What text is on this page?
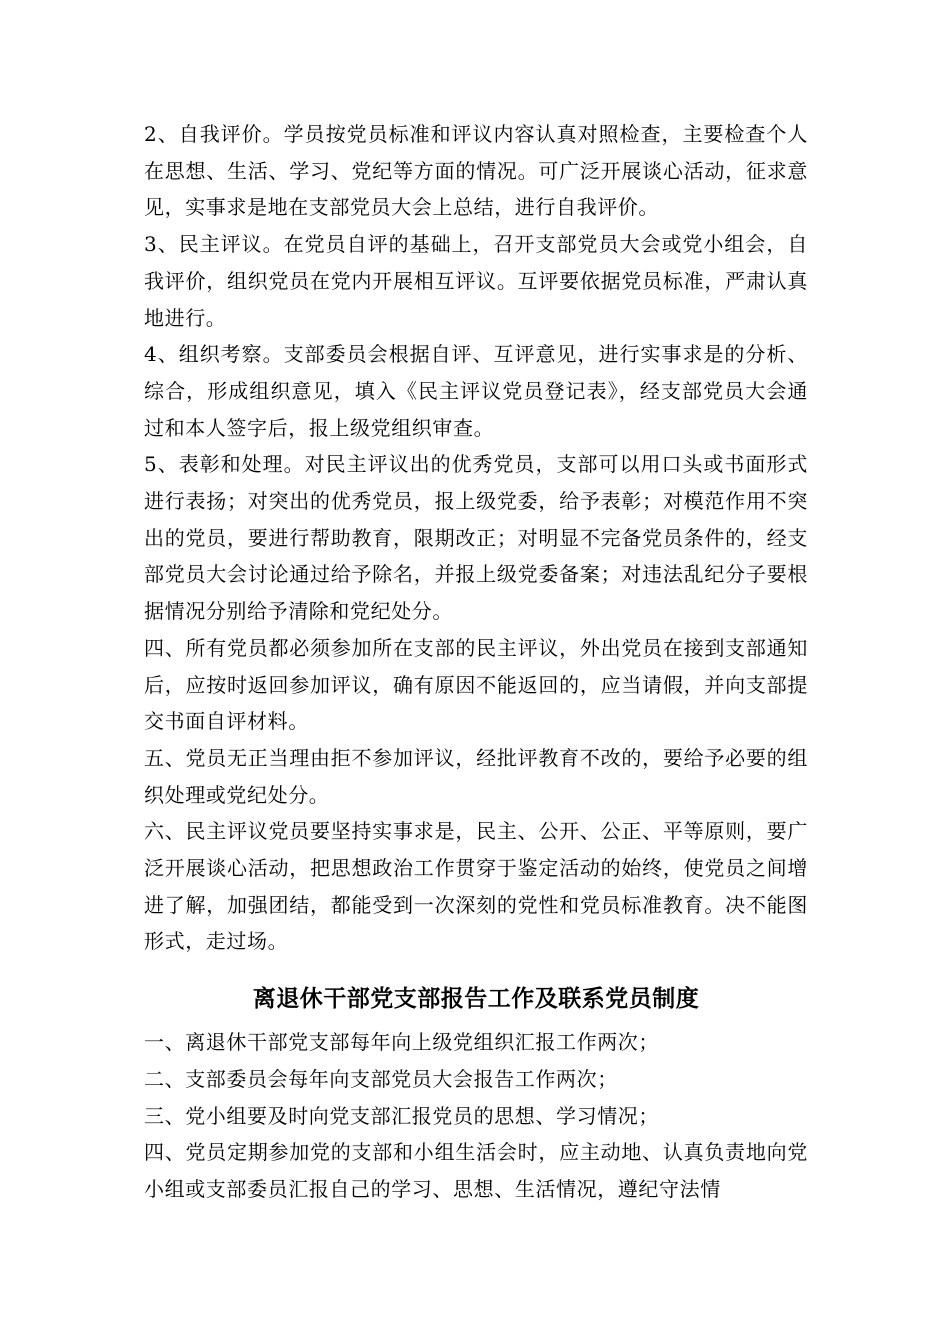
2、自我评价。学员按党员标准和评议内容认真对照检查，主要检查个人在思想、生活、学习、党纪等方面的情况。可广泛开展谈心活动，征求意见，实事求是地在支部党员大会上总结，进行自我评价。

3、民主评议。在党员自评的基础上，召开支部党员大会或党小组会，自我评价，组织党员在党内开展相互评议。互评要依据党员标准，严肃认真地进行。

4、组织考察。支部委员会根据自评、互评意见，进行实事求是的分析、综合，形成组织意见，填入《民主评议党员登记表》，经支部党员大会通过和本人签字后，报上级党组织审查。

5、表彰和处理。对民主评议出的优秀党员，支部可以用口头或书面形式进行表扬；对突出的优秀党员，报上级党委，给予表彰；对模范作用不突出的党员，要进行帮助教育，限期改正；对明显不完备党员条件的，经支部党员大会讨论通过给予除名，并报上级党委备案；对违法乱纪分子要根据情况分别给予清除和党纪处分。

四、所有党员都必须参加所在支部的民主评议，外出党员在接到支部通知后，应按时返回参加评议，确有原因不能返回的，应当请假，并向支部提交书面自评材料。

五、党员无正当理由拒不参加评议，经批评教育不改的，要给予必要的组织处理或党纪处分。

六、民主评议党员要坚持实事求是，民主、公开、公正、平等原则，要广泛开展谈心活动，把思想政治工作贯穿于鉴定活动的始终，使党员之间增进了解，加强团结，都能受到一次深刻的党性和党员标准教育。决不能图形式，走过场。

离退休干部党支部报告工作及联系党员制度

一、离退休干部党支部每年向上级党组织汇报工作两次；

二、支部委员会每年向支部党员大会报告工作两次；

三、党小组要及时向党支部汇报党员的思想、学习情况；

四、党员定期参加党的支部和小组生活会时，应主动地、认真负责地向党小组或支部委员汇报自己的学习、思想、生活情况，遵纪守法情
